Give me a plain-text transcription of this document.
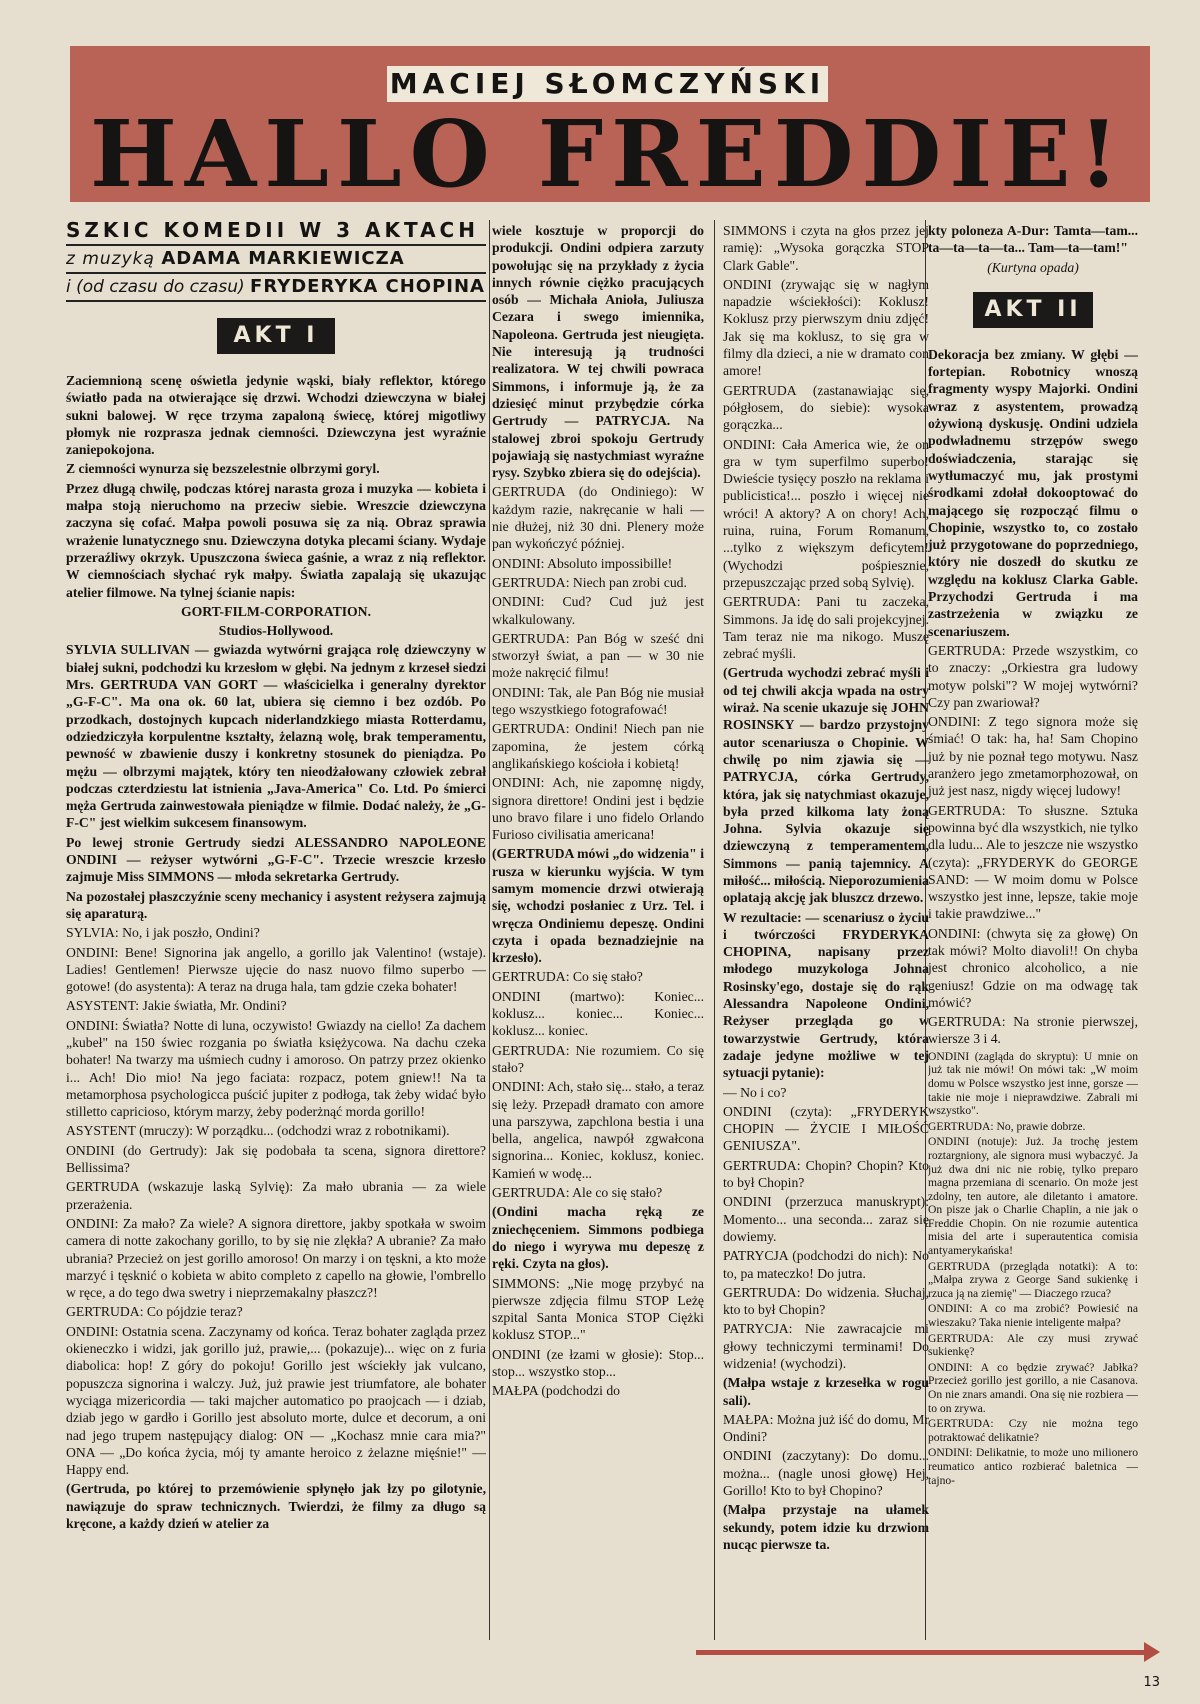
MACIEJ SŁOMCZYŃSKI
HALLO FREDDIE!
SZKIC KOMEDII W 3 AKTACH
z muzyką ADAMA MARKIEWICZA
i (od czasu do czasu) FRYDERYKA CHOPINA
AKT I

Zaciemnioną scenę oświetla jedynie wąski, biały reflektor, którego światło pada na otwierające się drzwi. Wchodzi dziewczyna w białej sukni balowej. W ręce trzyma zapaloną świecę, której migotliwy płomyk nie rozprasza jednak ciemności. Dziewczyna jest wyraźnie zaniepokojona.

Z ciemności wynurza się bezszelestnie olbrzymi goryl.

Przez długą chwilę, podczas której narasta groza i muzyka — kobieta i małpa stoją nieruchomo na przeciw siebie. Wreszcie dziewczyna zaczyna się cofać. Małpa powoli posuwa się za nią. Obraz sprawia wrażenie lunatycznego snu. Dziewczyna dotyka plecami ściany. Wydaje przeraźliwy okrzyk. Upuszczona świeca gaśnie, a wraz z nią reflektor. W ciemnościach słychać ryk małpy. Światła zapalają się ukazując atelier filmowe. Na tylnej ścianie napis:

GORT-FILM-CORPORATION.

Studios-Hollywood.

SYLVIA SULLIVAN — gwiazda wytwórni grająca rolę dziewczyny w białej sukni, podchodzi ku krzesłom w głębi. Na jednym z krzeseł siedzi Mrs. GERTRUDA VAN GORT — właścicielka i generalny dyrektor „G-F-C". Ma ona ok. 60 lat, ubiera się ciemno i bez ozdób. Po przodkach, dostojnych kupcach niderlandzkiego miasta Rotterdamu, odziedziczyła korpulentne kształty, żelazną wolę, brak temperamentu, pewność w zbawienie duszy i konkretny stosunek do pieniądza. Po mężu — olbrzymi majątek, który ten nieodżałowany człowiek zebrał podczas czterdziestu lat istnienia „Java-America" Co. Ltd. Po śmierci męża Gertruda zainwestowała pieniądze w filmie. Dodać należy, że „G-F-C" jest wielkim sukcesem finansowym.

Po lewej stronie Gertrudy siedzi ALESSANDRO NAPOLEONE ONDINI — reżyser wytwórni „G-F-C". Trzecie wreszcie krzesło zajmuje Miss SIMMONS — młoda sekretarka Gertrudy.

Na pozostałej płaszczyźnie sceny mechanicy i asystent reżysera zajmują się aparaturą.

SYLVIA: No, i jak poszło, Ondini?

ONDINI: Bene! Signorina jak angello, a gorillo jak Valentino! (wstaje). Ladies! Gentlemen! Pierwsze ujęcie do nasz nuovo filmo superbo — gotowe! (do asystenta): A teraz na druga hala, tam gdzie czeka bohater!

ASYSTENT: Jakie światła, Mr. Ondini?

ONDINI: Światła? Notte di luna, oczywisto! Gwiazdy na ciello! Za dachem „kubeł" na 150 świec rozgania po światła księżycowa. Na dachu czeka bohater! Na twarzy ma uśmiech cudny i amoroso. On patrzy przez okienko i... Ach! Dio mio! Na jego faciata: rozpacz, potem gniew!! Na ta metamorphosa psychologicca puścić jupiter z podłoga, tak żeby widać było stilletto capricioso, którym marzy, żeby poderżnąć morda gorillo!

ASYSTENT (mruczy): W porządku... (odchodzi wraz z robotnikami).

ONDINI (do Gertrudy): Jak się podobała ta scena, signora direttore? Bellissima?

GERTRUDA (wskazuje laską Sylvię): Za mało ubrania — za wiele przerażenia.

ONDINI: Za mało? Za wiele? A signora direttore, jakby spotkała w swoim camera di notte zakochany gorillo, to by się nie zlękła? A ubranie? Za mało ubrania? Przecież on jest gorillo amoroso! On marzy i on tęskni, a kto może marzyć i tęsknić o kobieta w abito completo z capello na głowie, l'ombrello w ręce, a do tego dwa swetry i nieprzemakalny płaszcz?!

GERTRUDA: Co pójdzie teraz?

ONDINI: Ostatnia scena. Zaczynamy od końca. Teraz bohater zagląda przez okieneczko i widzi, jak gorillo już, prawie,... (pokazuje)... więc on z furia diabolica: hop! Z góry do pokoju! Gorillo jest wściekły jak vulcano, popuszcza signorina i walczy. Już, już prawie jest triumfatore, ale bohater wyciąga mizericordia — taki majcher automatico po praojcach — i dziab, dziab jego w gardło i Gorillo jest absoluto morte, dulce et decorum, a oni nad jego trupem następujący dialog: ON — „Kochasz mnie cara mia?" ONA — „Do końca życia, mój ty amante heroico z żelazne mięśnie!" — Happy end.

(Gertruda, po której to przemówienie spłynęło jak łzy po gilotynie, nawiązuje do spraw technicznych. Twierdzi, że filmy za długo są kręcone, a każdy dzień w atelier za

wiele kosztuje w proporcji do produkcji. Ondini odpiera zarzuty powołując się na przykłady z życia innych równie ciężko pracujących osób — Michała Anioła, Juliusza Cezara i swego imiennika, Napoleona. Gertruda jest nieugięta. Nie interesują ją trudności realizatora. W tej chwili powraca Simmons, i informuje ją, że za dziesięć minut przybędzie córka Gertrudy — PATRYCJA. Na stalowej zbroi spokoju Gertrudy pojawiają się nastychmiast wyraźne rysy. Szybko zbiera się do odejścia).

GERTRUDA (do Ondiniego): W każdym razie, nakręcanie w hali — nie dłużej, niż 30 dni. Plenery może pan wykończyć później.

ONDINI: Absoluto impossibille!

GERTRUDA: Niech pan zrobi cud.

ONDINI: Cud? Cud już jest wkalkulowany.

GERTRUDA: Pan Bóg w sześć dni stworzył świat, a pan — w 30 nie może nakręcić filmu!

ONDINI: Tak, ale Pan Bóg nie musiał tego wszystkiego fotografować!

GERTRUDA: Ondini! Niech pan nie zapomina, że jestem córką anglikańskiego kościoła i kobietą!

ONDINI: Ach, nie zapomnę nigdy, signora direttore! Ondini jest i będzie uno bravo filare i uno fidelo Orlando Furioso civilisatia americana!

(GERTRUDA mówi „do widzenia" i rusza w kierunku wyjścia. W tym samym momencie drzwi otwierają się, wchodzi posłaniec z Urz. Tel. i wręcza Ondiniemu depeszę. Ondini czyta i opada beznadziejnie na krzesło).

GERTRUDA: Co się stało?

ONDINI (martwo): Koniec... koklusz... koniec... Koniec... koklusz... koniec.

GERTRUDA: Nie rozumiem. Co się stało?

ONDINI: Ach, stało się... stało, a teraz się leży. Przepadł dramato con amore una parszywa, zapchlona bestia i una bella, angelica, nawpół zgwałcona signorina... Koniec, koklusz, koniec. Kamień w wodę...

GERTRUDA: Ale co się stało?

(Ondini macha ręką ze zniechęceniem. Simmons podbiega do niego i wyrywa mu depeszę z ręki. Czyta na głos).

SIMMONS: „Nie mogę przybyć na pierwsze zdjęcia filmu STOP Leżę szpital Santa Monica STOP Ciężki koklusz STOP..."

ONDINI (ze łzami w głosie): Stop... stop... wszystko stop...

MAŁPA (podchodzi do

SIMMONS i czyta na głos przez jej ramię): „Wysoka gorączka STOP Clark Gable".

ONDINI (zrywając się w nagłym napadzie wściekłości): Koklusz! Koklusz przy pierwszym dniu zdjęć! Jak się ma koklusz, to się gra w filmy dla dzieci, a nie w dramato con amore!

GERTRUDA (zastanawiając się, półgłosem, do siebie): wysoka gorączka...

ONDINI: Cała America wie, że on gra w tym superfilmo superbo! Dwieście tysięcy poszło na reklama i publicistica!... poszło i więcej nie wróci! A aktory? A on chory! Ach, ruina, ruina, Forum Romanum, ...tylko z większym deficytem! (Wychodzi pośpiesznie, przepuszczając przed sobą Sylvię).

GERTRUDA: Pani tu zaczeka, Simmons. Ja idę do sali projekcyjnej. Tam teraz nie ma nikogo. Muszę zebrać myśli.

(Gertruda wychodzi zebrać myśli i od tej chwili akcja wpada na ostry wiraż. Na scenie ukazuje się JOHN ROSINSKY — bardzo przystojny autor scenariusza o Chopinie. W chwilę po nim zjawia się — PATRYCJA, córka Gertrudy, która, jak się natychmiast okazuje, była przed kilkoma laty żoną Johna. Sylvia okazuje się dziewczyną z temperamentem, Simmons — panią tajemnicy. A miłość... miłością. Nieporozumienia oplatają akcję jak bluszcz drzewo.

W rezultacie: — scenariusz o życiu i twórczości FRYDERYKA CHOPINA, napisany przez młodego muzykologa Johna Rosinsky'ego, dostaje się do rąk Alessandra Napoleone Ondini, Reżyser przegląda go w towarzystwie Gertrudy, która zadaje jedyne możliwe w tej sytuacji pytanie):

— No i co?

ONDINI (czyta): „FRYDERYK CHOPIN — ŻYCIE I MIŁOŚĆ GENIUSZA".

GERTRUDA: Chopin? Chopin? Kto to był Chopin?

ONDINI (przerzuca manuskrypt): Momento... una seconda... zaraz się dowiemy.

PATRYCJA (podchodzi do nich): No to, pa mateczko! Do jutra.

GERTRUDA: Do widzenia. Słuchaj, kto to był Chopin?

PATRYCJA: Nie zawracajcie mi głowy techniczymi terminami! Do widzenia! (wychodzi).

(Małpa wstaje z krzesełka w rogu sali).

MAŁPA: Można już iść do domu, Mr Ondini?

ONDINI (zaczytany): Do domu... można... (nagle unosi głowę) Hej, Gorillo! Kto to był Chopino?

(Małpa przystaje na ułamek sekundy, potem idzie ku drzwiom nucąc pierwsze ta.

kty poloneza A-Dur: Tamta—tam... ta—ta—ta—ta... Tam—ta—tam!"

(Kurtyna opada)

AKT II

Dekoracja bez zmiany. W głębi — fortepian. Robotnicy wnoszą fragmenty wyspy Majorki. Ondini wraz z asystentem, prowadzą ożywioną dyskusję. Ondini udziela podwładnemu strzępów swego doświadczenia, starając się wytłumaczyć mu, jak prostymi środkami zdołał dokooptować do mającego się rozpocząć filmu o Chopinie, wszystko to, co zostało już przygotowane do poprzedniego, który nie doszedł do skutku ze względu na koklusz Clarka Gable. Przychodzi Gertruda i ma zastrzeżenia w związku ze scenariuszem.

GERTRUDA: Przede wszystkim, co to znaczy: „Orkiestra gra ludowy motyw polski"? W mojej wytwórni? Czy pan zwariował?

ONDINI: Z tego signora może się śmiać! O tak: ha, ha! Sam Chopino już by nie poznał tego motywu. Nasz aranżero jego zmetamorphozował, on już jest nasz, nigdy więcej ludowy!

GERTRUDA: To słuszne. Sztuka powinna być dla wszystkich, nie tylko dla ludu... Ale to jeszcze nie wszystko (czyta): „FRYDERYK do GEORGE SAND: — W moim domu w Polsce wszystko jest inne, lepsze, takie moje i takie prawdziwe..."

ONDINI: (chwyta się za głowę) On tak mówi? Molto diavoli!! On chyba jest chronico alcoholico, a nie geniusz! Gdzie on ma odwagę tak mówić?

GERTRUDA: Na stronie pierwszej, wiersze 3 i 4.

ONDINI (zagląda do skryptu): U mnie on już tak nie mówi! On mówi tak: „W moim domu w Polsce wszystko jest inne, gorsze — takie nie moje i nieprawdziwe. Zabrali mi wszystko".

GERTRUDA: No, prawie dobrze.

ONDINI (notuje): Już. Ja trochę jestem roztargniony, ale signora musi wybaczyć. Ja już dwa dni nic nie robię, tylko preparo magna przemiana di scenario. On może jest zdolny, ten autore, ale diletanto i amatore. On pisze jak o Charlie Chaplin, a nie jak o Freddie Chopin. On nie rozumie autentica misia del arte i superautentica comisia antyamerykańska!

GERTRUDA (przegląda notatki): A to: „Małpa zrywa z George Sand sukienkę i rzuca ją na ziemię" — Diaczego rzuca?

ONDINI: A co ma zrobić? Powiesić na wieszaku? Taka nienie inteligente małpa?

GERTRUDA: Ale czy musi zrywać sukienkę?

ONDINI: A co będzie zrywać? Jabłka? Przecież gorillo jest gorillo, a nie Casanova. On nie znars amandi. Ona się nie rozbiera — to on zrywa.

GERTRUDA: Czy nie można tego potraktować delikatnie?

ONDINI: Delikatnie, to może uno milionero reumatico antico rozbierać baletnica — tajno-

13
